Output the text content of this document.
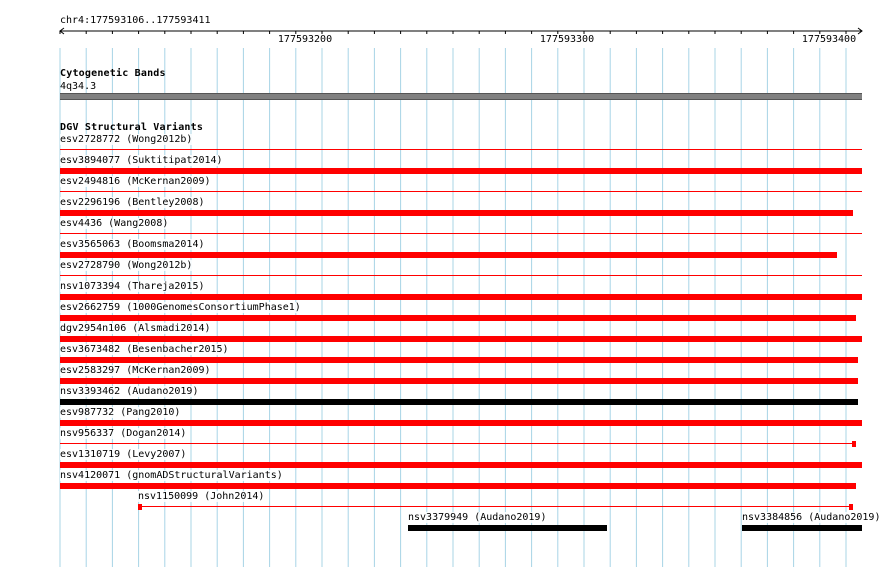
chr4:177593106..177593411
177593200	177593300	177593400
Cytogenetic Bands
4q34.3
DGV Structural Variants
esv2728772 (Wong2012b)
esv3894077 (Suktitipat2014)
esv2494816 (McKernan2009)
esv2296196 (Bentley2008)
esv4436 (Wang2008)
esv3565063 (Boomsma2014)
esv2728790 (Wong2012b)
nsv1073394 (Thareja2015)
esv2662759 (1000GenomesConsortiumPhase1)
dgv2954n106 (Alsmadi2014)
esv3673482 (Besenbacher2015)
esv2583297 (McKernan2009)
nsv3393462 (Audano2019)
esv987732 (Pang2010)
nsv956337 (Dogan2014)
esv1310719 (Levy2007)
nsv4120071 (gnomADStructuralVariants)
nsv1150099 (John2014)
nsv3379949 (Audano2019)	nsv3384856 (Audano2019)
